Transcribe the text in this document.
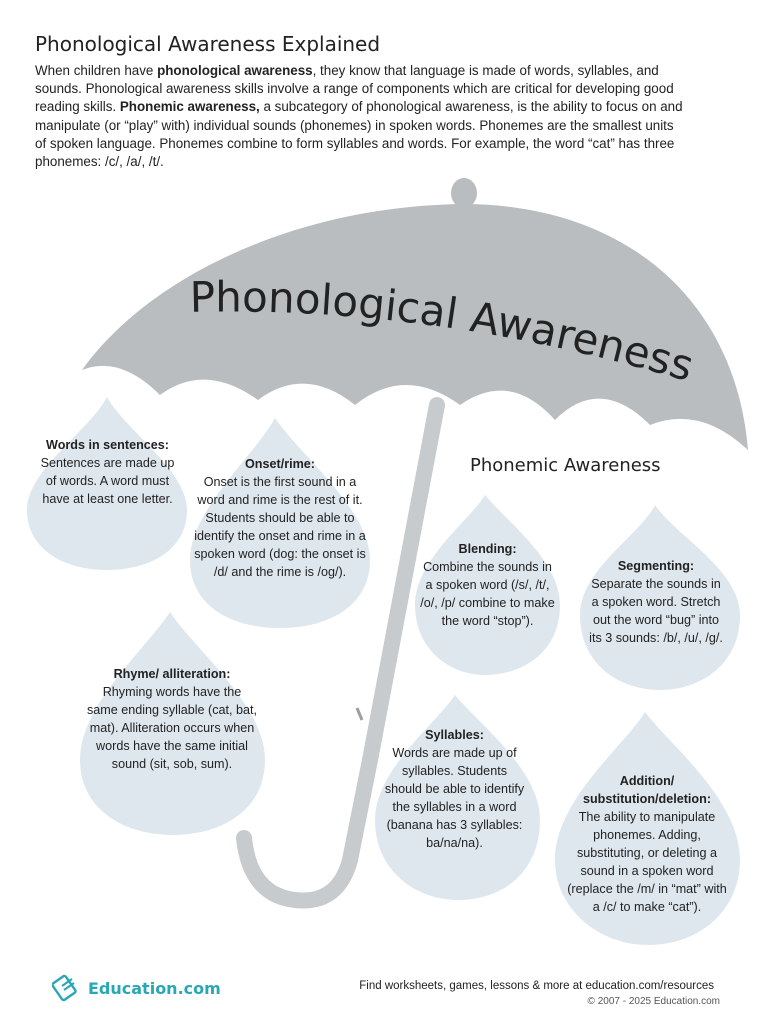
Phonological Awareness Explained
When children have phonological awareness, they know that language is made of words, syllables, and sounds. Phonological awareness skills involve a range of components which are critical for developing good reading skills. Phonemic awareness, a subcategory of phonological awareness, is the ability to focus on and manipulate (or “play” with) individual sounds (phonemes) in spoken words. Phonemes are the smallest units of spoken language. Phonemes combine to form syllables and words. For example, the word “cat” has three phonemes: /c/, /a/, /t/.
Phonological Awareness
Phonemic Awareness
Words in sentences:
Sentences are made up of words. A word must have at least one letter.
Onset/rime:
Onset is the first sound in a word and rime is the rest of it. Students should be able to identify the onset and rime in a spoken word (dog: the onset is /d/ and the rime is /og/).
Rhyme/ alliteration:
Rhyming words have the same ending syllable (cat, bat, mat). Alliteration occurs when words have the same initial sound (sit, sob, sum).
Blending:
Combine the sounds in a spoken word (/s/, /t/, /o/, /p/ combine to make the word “stop”).
Segmenting:
Separate the sounds in a spoken word. Stretch out the word “bug” into its 3 sounds: /b/, /u/, /g/.
Syllables:
Words are made up of syllables. Students should be able to identify the syllables in a word (banana has 3 syllables: ba/na/na).
Addition/ substitution/deletion:
The ability to manipulate phonemes. Adding, substituting, or deleting a sound in a spoken word (replace the /m/ in “mat” with a /c/ to make “cat”).
Education.com	Find worksheets, games, lessons & more at education.com/resources
© 2007 - 2025 Education.com
